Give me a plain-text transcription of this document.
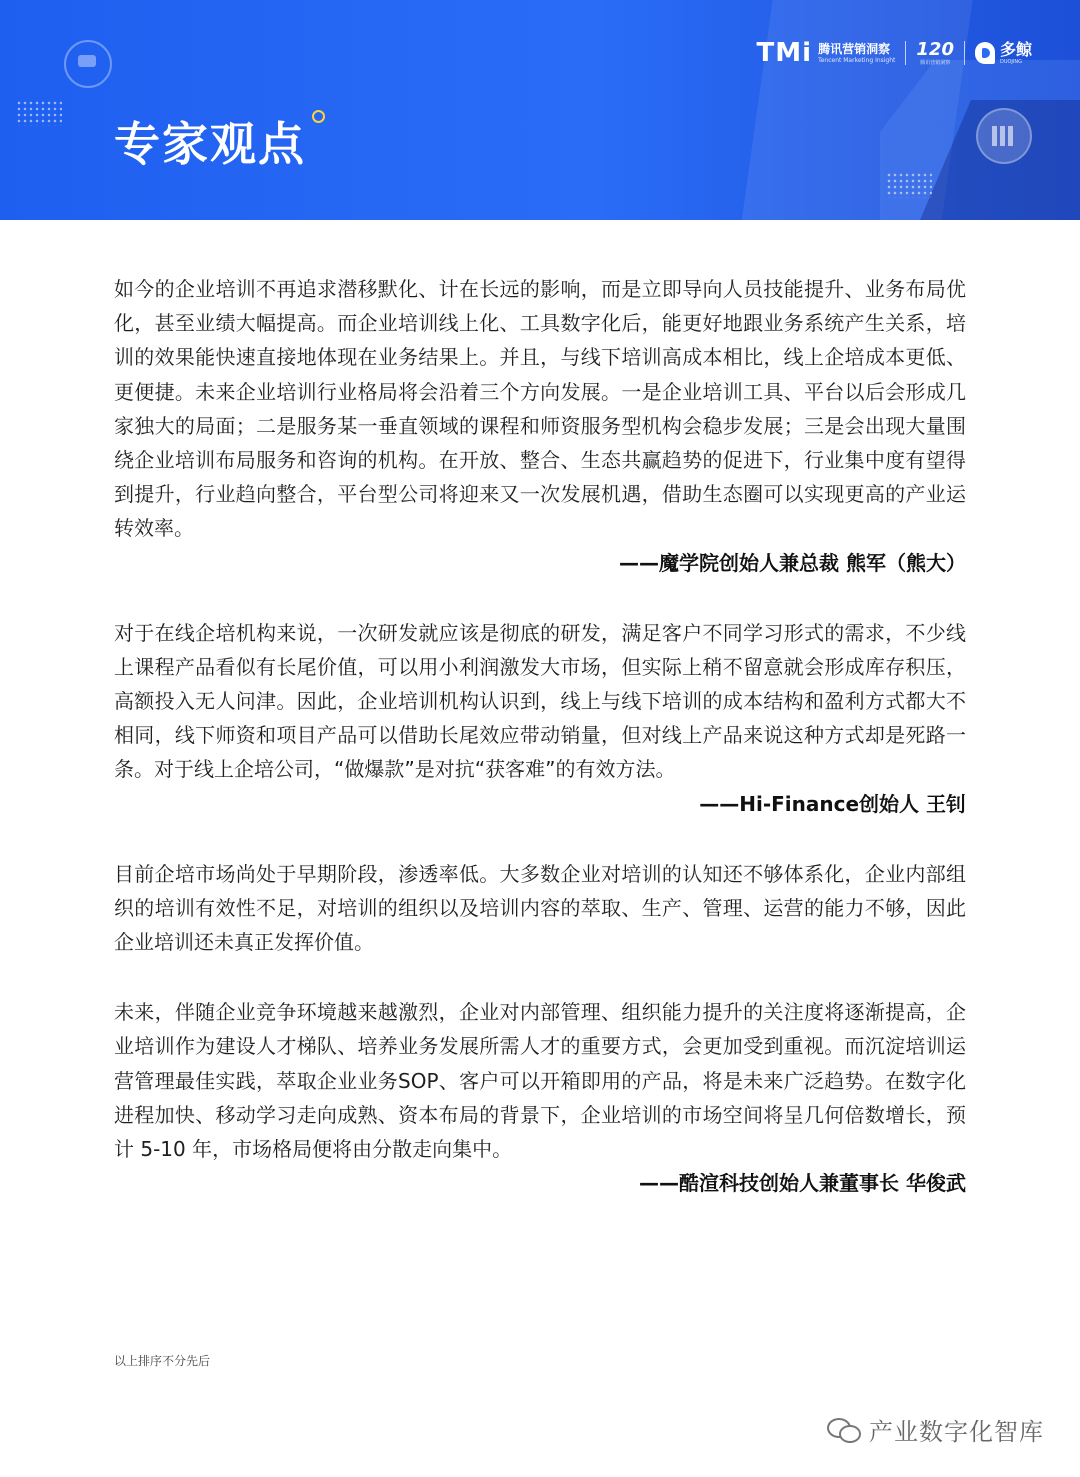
专家观点
TMi 腾讯营销洞察
Tencent Marketing Insight
120
腾讯营销洞察
多鲸
DUOJING

如今的企业培训不再追求潜移默化、计在长远的影响，而是立即导向人员技能提升、业务布局优化，甚至业绩大幅提高。而企业培训线上化、工具数字化后，能更好地跟业务系统产生关系，培训的效果能快速直接地体现在业务结果上。并且，与线下培训高成本相比，线上企培成本更低、更便捷。未来企业培训行业格局将会沿着三个方向发展。一是企业培训工具、平台以后会形成几家独大的局面；二是服务某一垂直领域的课程和师资服务型机构会稳步发展；三是会出现大量围绕企业培训布局服务和咨询的机构。在开放、整合、生态共赢趋势的促进下，行业集中度有望得到提升，行业趋向整合，平台型公司将迎来又一次发展机遇，借助生态圈可以实现更高的产业运转效率。

——魔学院创始人兼总裁 熊军（熊大）

对于在线企培机构来说，一次研发就应该是彻底的研发，满足客户不同学习形式的需求，不少线上课程产品看似有长尾价值，可以用小利润激发大市场，但实际上稍不留意就会形成库存积压，高额投入无人问津。因此，企业培训机构认识到，线上与线下培训的成本结构和盈利方式都大不相同，线下师资和项目产品可以借助长尾效应带动销量，但对线上产品来说这种方式却是死路一条。对于线上企培公司，“做爆款”是对抗“获客难”的有效方法。

——Hi-Finance创始人 王钊

目前企培市场尚处于早期阶段，渗透率低。大多数企业对培训的认知还不够体系化，企业内部组织的培训有效性不足，对培训的组织以及培训内容的萃取、生产、管理、运营的能力不够，因此企业培训还未真正发挥价值。

未来，伴随企业竞争环境越来越激烈，企业对内部管理、组织能力提升的关注度将逐渐提高，企业培训作为建设人才梯队、培养业务发展所需人才的重要方式，会更加受到重视。而沉淀培训运营管理最佳实践，萃取企业业务SOP、客户可以开箱即用的产品，将是未来广泛趋势。在数字化进程加快、移动学习走向成熟、资本布局的背景下，企业培训的市场空间将呈几何倍数增长，预计 5-10 年，市场格局便将由分散走向集中。

——酷渲科技创始人兼董事长 华俊武

以上排序不分先后
产业数字化智库
